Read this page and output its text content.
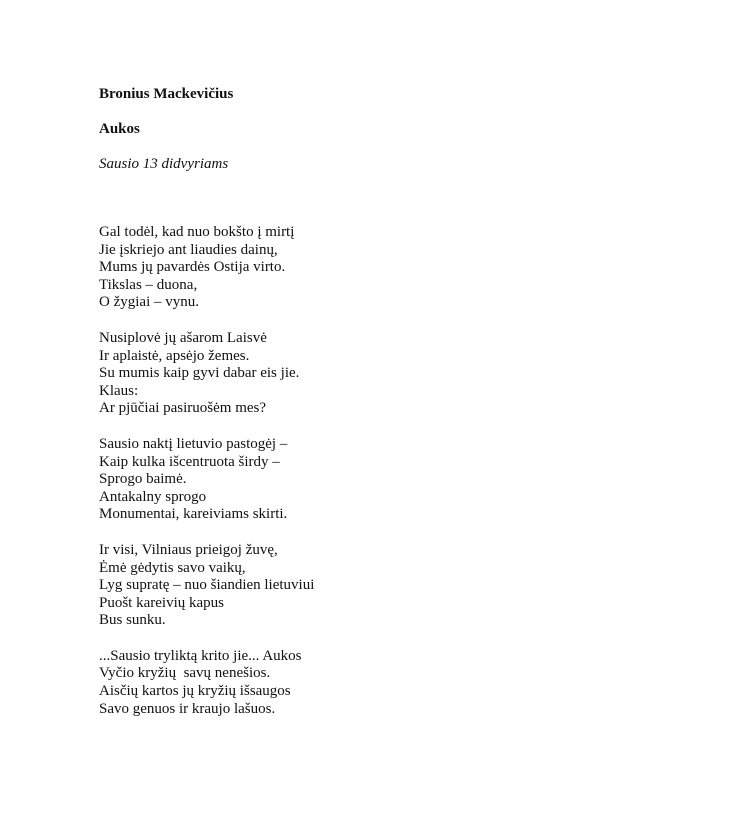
Bronius Mackevičius
Aukos
Sausio 13 didvyriams
Gal todėl, kad nuo bokšto į mirtį
Jie įskriejo ant liaudies dainų,
Mums jų pavardės Ostija virto.
Tikslas – duona,
O žygiai – vynu.
Nusiplovė jų ašarom Laisvė
Ir aplaistė, apsėjo žemes.
Su mumis kaip gyvi dabar eis jie.
Klaus:
Ar pjūčiai pasiruošėm mes?
Sausio naktį lietuvio pastogėj –
Kaip kulka išcentruota širdy –
Sprogo baimė.
Antakalny sprogo
Monumentai, kareiviams skirti.
Ir visi, Vilniaus prieigoj žuvę,
Ėmė gėdytis savo vaikų,
Lyg supratę – nuo šiandien lietuviui
Puošt kareivių kapus
Bus sunku.
...Sausio tryliktą krito jie... Aukos
Vyčio kryžių  savų nenešios.
Aisčių kartos jų kryžių išsaugos
Savo genuos ir kraujo lašuos.
